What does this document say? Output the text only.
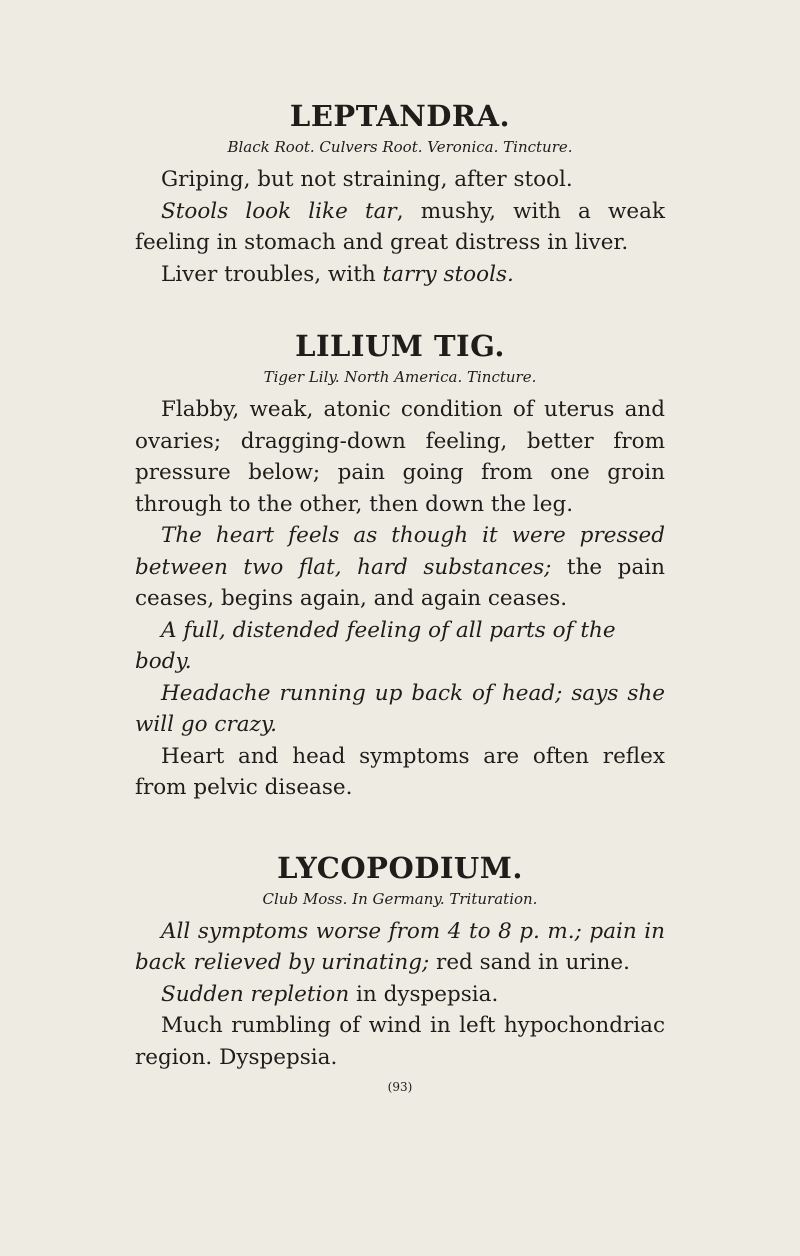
LEPTANDRA.
Black Root. Culvers Root. Veronica. Tincture.

Griping, but not straining, after stool.

Stools look like tar, mushy, with a weak feeling in stomach and great distress in liver.

Liver troubles, with tarry stools.

LILIUM TIG.
Tiger Lily. North America. Tincture.

Flabby, weak, atonic condition of uterus and ovaries; dragging-down feeling, better from pressure below; pain going from one groin through to the other, then down the leg.

The heart feels as though it were pressed between two flat, hard substances; the pain ceases, begins again, and again ceases.

A full, distended feeling of all parts of the body.

Headache running up back of head; says she will go crazy.

Heart and head symptoms are often reflex from pelvic disease.

LYCOPODIUM.
Club Moss. In Germany. Trituration.

All symptoms worse from 4 to 8 p. m.; pain in back relieved by urinating; red sand in urine.

Sudden repletion in dyspepsia.

Much rumbling of wind in left hypochondriac region. Dyspepsia.

(93)
